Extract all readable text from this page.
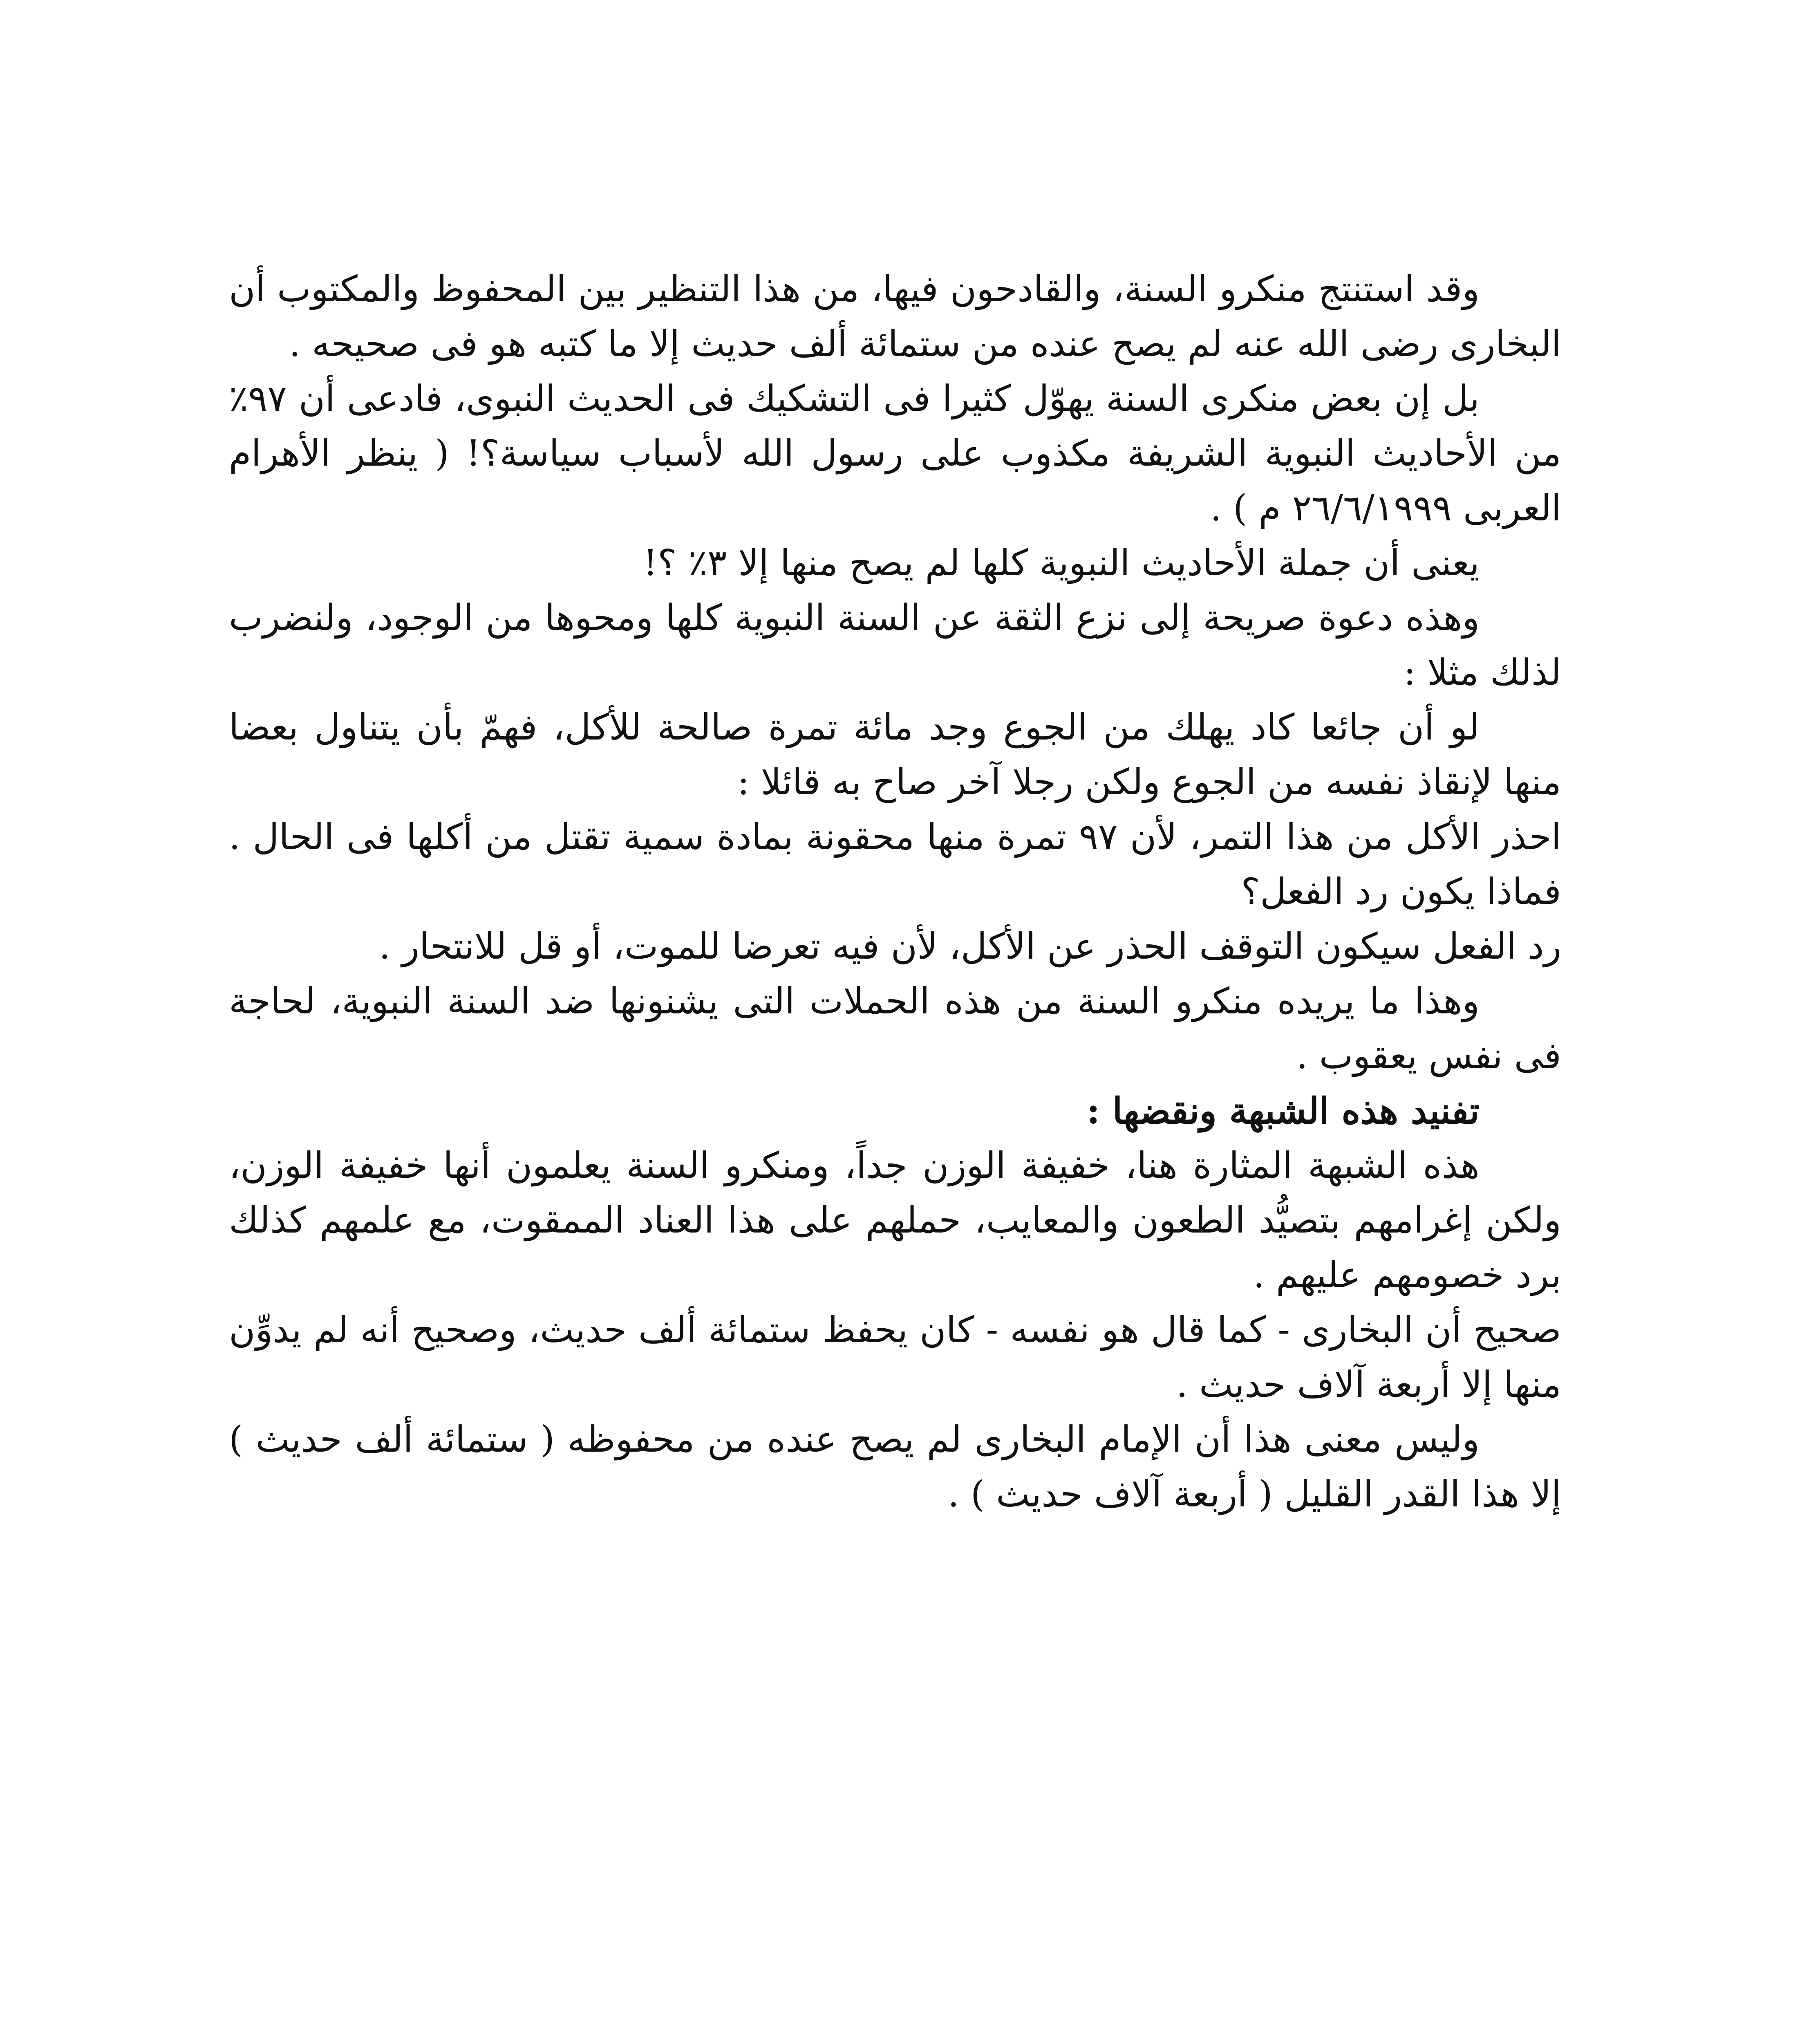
وقد استنتج منكرو السنة، والقادحون فيها، من هذا التنظير بين المحفوظ والمكتوب أن البخارى رضى الله عنه لم يصح عنده من ستمائة ألف حديث إلا ما كتبه هو فى صحيحه .

بل إن بعض منكرى السنة يهوّل كثيرا فى التشكيك فى الحديث النبوى، فادعى أن ٩٧٪ من الأحاديث النبوية الشريفة مكذوب على رسول الله لأسباب سياسة؟! ( ينظر الأهرام العربى ٢٦/٦/١٩٩٩ م ) .

يعنى أن جملة الأحاديث النبوية كلها لم يصح منها إلا ٣٪ ؟!

وهذه دعوة صريحة إلى نزع الثقة عن السنة النبوية كلها ومحوها من الوجود، ولنضرب لذلك مثلا :

لو أن جائعا كاد يهلك من الجوع وجد مائة تمرة صالحة للأكل، فهمّ بأن يتناول بعضا منها لإنقاذ نفسه من الجوع ولكن رجلا آخر صاح به قائلا :

احذر الأكل من هذا التمر، لأن ٩٧ تمرة منها محقونة بمادة سمية تقتل من أكلها فى الحال . فماذا يكون رد الفعل؟

رد الفعل سيكون التوقف الحذر عن الأكل، لأن فيه تعرضا للموت، أو قل للانتحار .

وهذا ما يريده منكرو السنة من هذه الحملات التى يشنونها ضد السنة النبوية، لحاجة فى نفس يعقوب .

تفنيد هذه الشبهة ونقضها :

هذه الشبهة المثارة هنا، خفيفة الوزن جداً، ومنكرو السنة يعلمون أنها خفيفة الوزن، ولكن إغرامهم بتصيُّد الطعون والمعايب، حملهم على هذا العناد الممقوت، مع علمهم كذلك برد خصومهم عليهم .

صحيح أن البخارى - كما قال هو نفسه - كان يحفظ ستمائة ألف حديث، وصحيح أنه لم يدوِّن منها إلا أربعة آلاف حديث .

وليس معنى هذا أن الإمام البخارى لم يصح عنده من محفوظه ( ستمائة ألف حديث ) إلا هذا القدر القليل ( أربعة آلاف حديث ) .
